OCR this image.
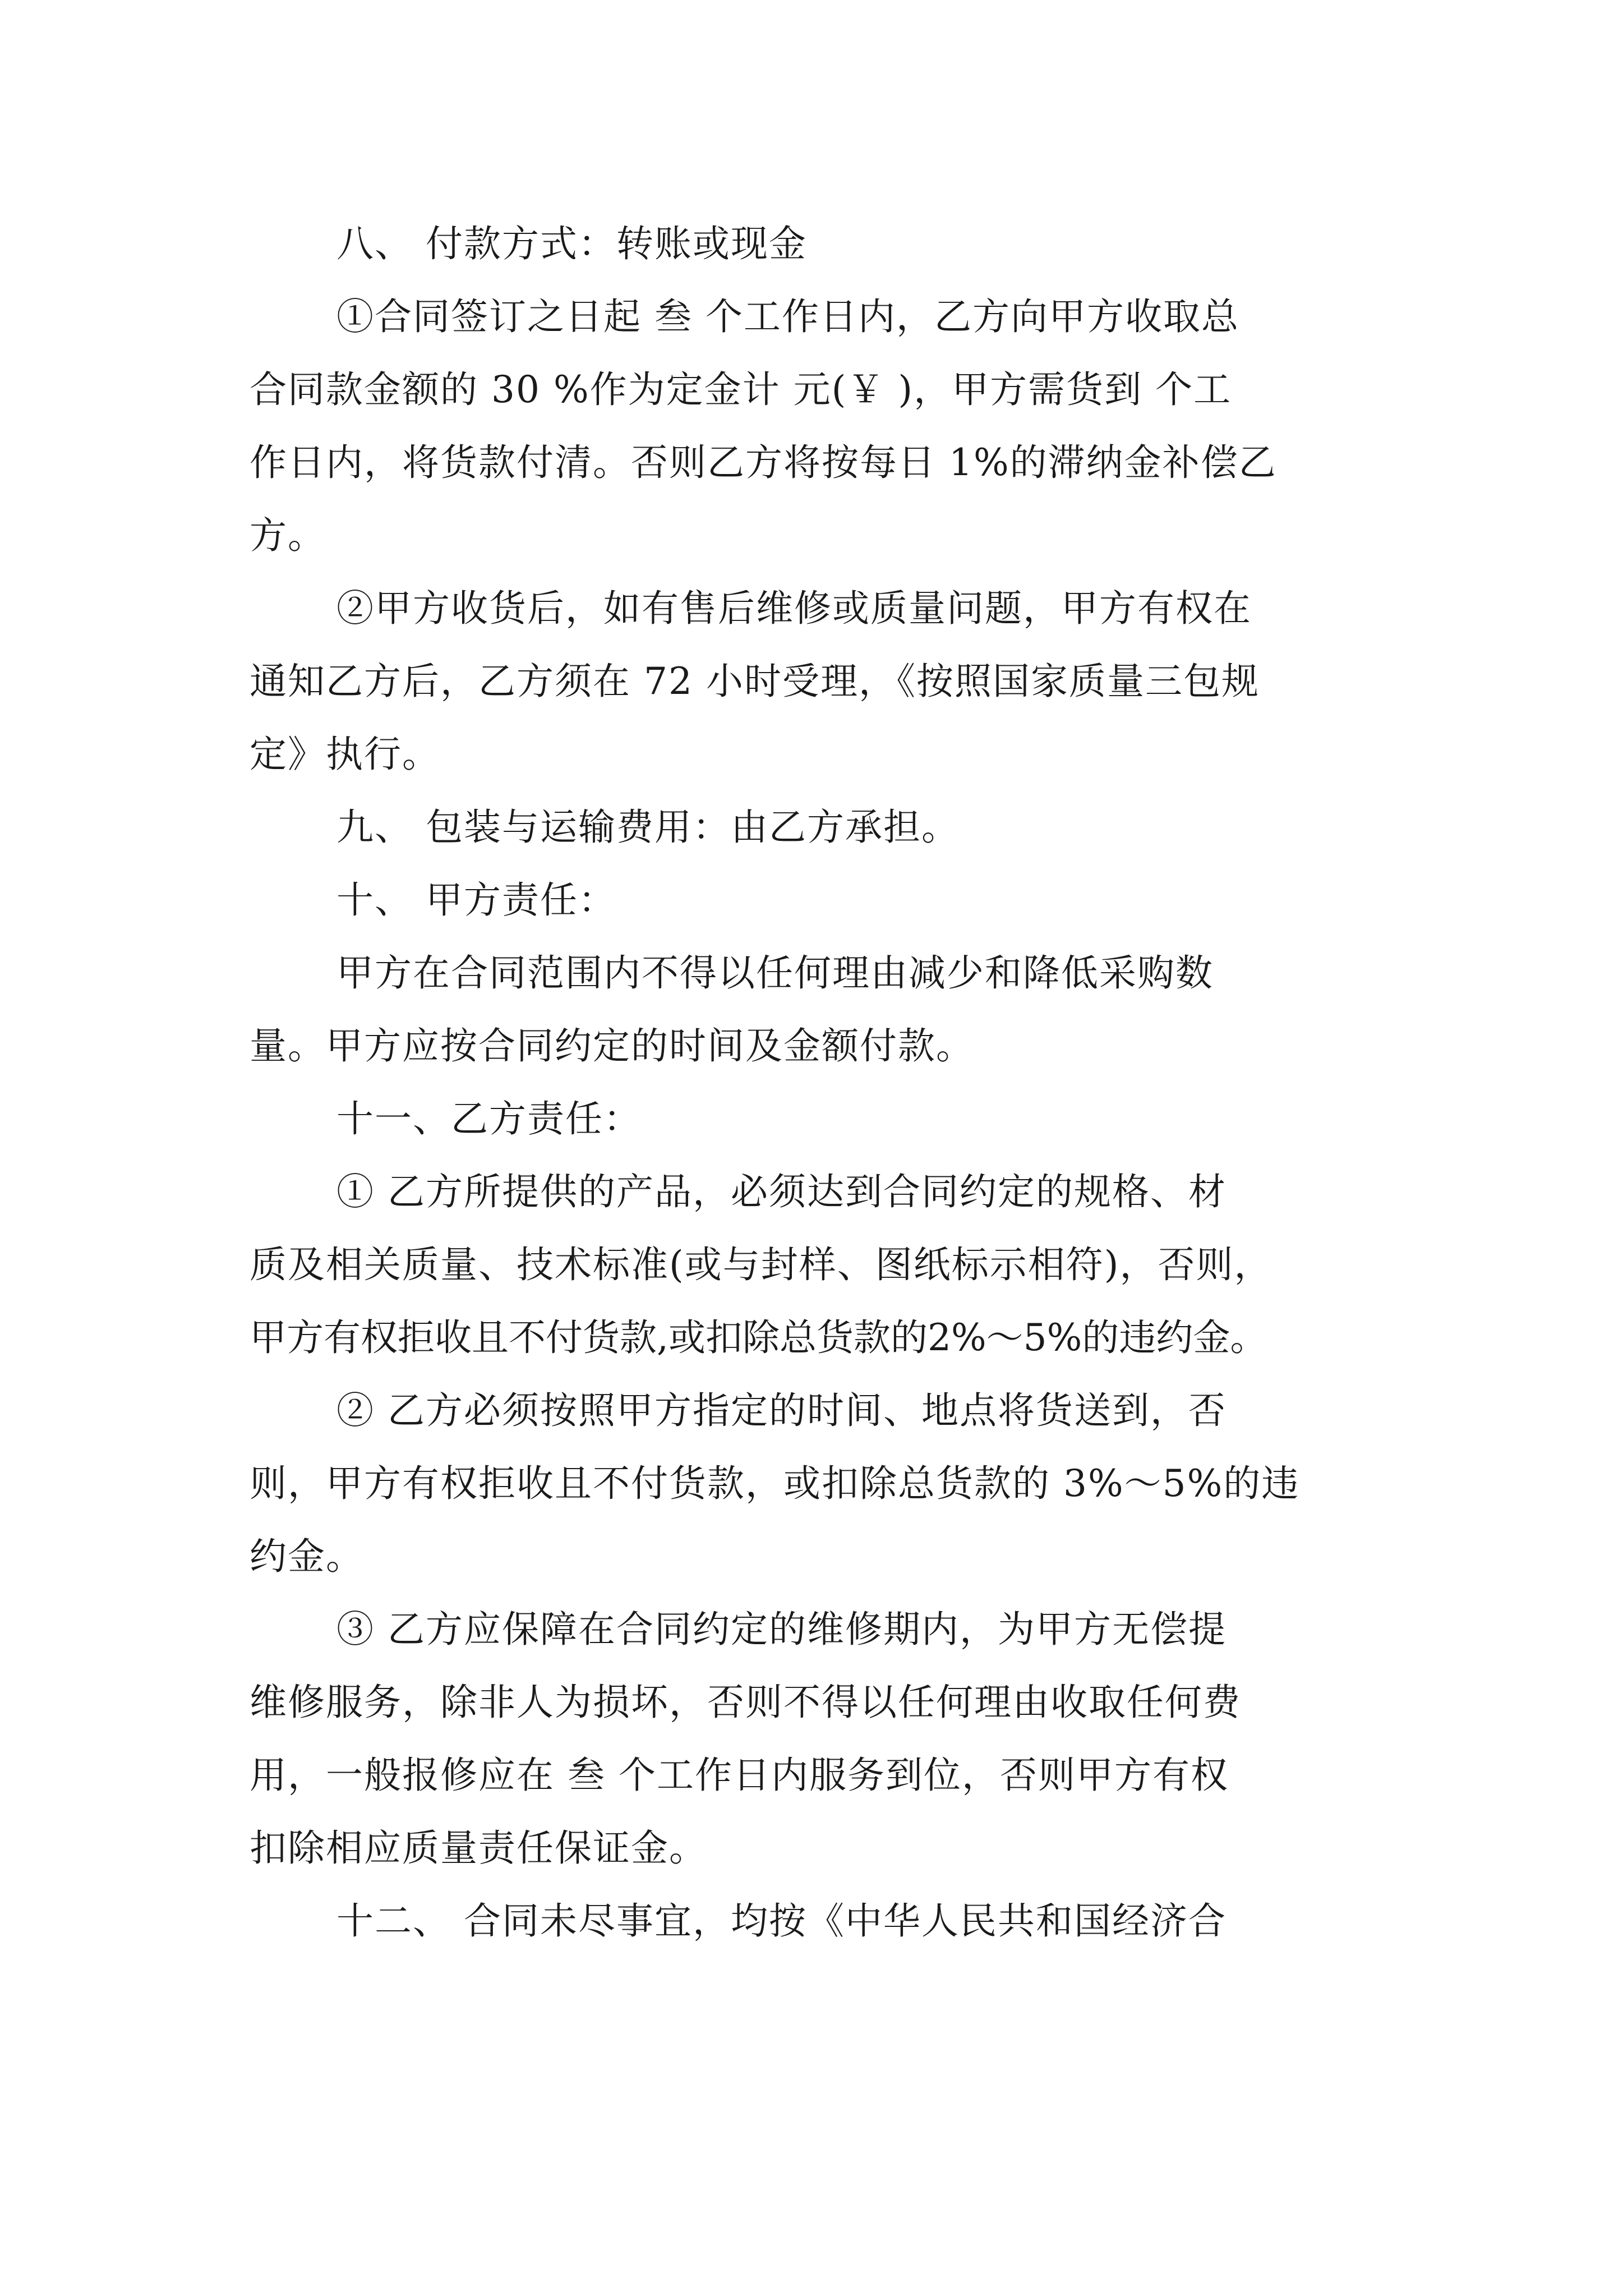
八、 付款方式：转账或现金
①合同签订之日起 叁 个工作日内，乙方向甲方收取总
合同款金额的 30 %作为定金计 元(￥ )，甲方需货到 个工
作日内，将货款付清。否则乙方将按每日 1%的滞纳金补偿乙
方。
②甲方收货后，如有售后维修或质量问题，甲方有权在
通知乙方后，乙方须在 72 小时受理，《按照国家质量三包规
定》执行。
九、 包装与运输费用：由乙方承担。
十、 甲方责任：
甲方在合同范围内不得以任何理由减少和降低采购数
量。甲方应按合同约定的时间及金额付款。
十一、乙方责任：
① 乙方所提供的产品，必须达到合同约定的规格、材
质及相关质量、技术标准(或与封样、图纸标示相符)，否则，
甲方有权拒收且不付货款,或扣除总货款的2%～5%的违约金。
② 乙方必须按照甲方指定的时间、地点将货送到，否
则，甲方有权拒收且不付货款，或扣除总货款的 3%～5%的违
约金。
③ 乙方应保障在合同约定的维修期内，为甲方无偿提
维修服务，除非人为损坏，否则不得以任何理由收取任何费
用，一般报修应在 叁 个工作日内服务到位，否则甲方有权
扣除相应质量责任保证金。
十二、 合同未尽事宜，均按《中华人民共和国经济合
